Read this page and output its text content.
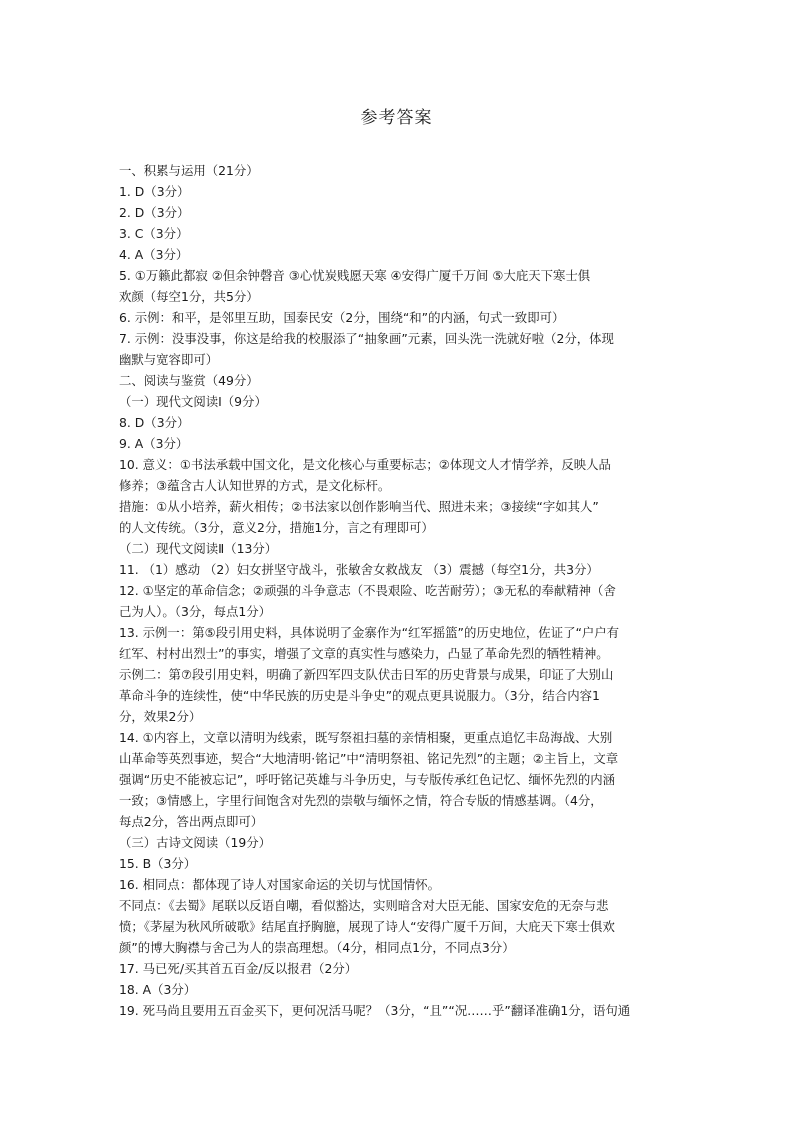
参考答案
一、积累与运用（21分）
1. D（3分）
2. D（3分）
3. C（3分）
4. A（3分）
5. ①万籁此都寂 ②但余钟磬音 ③心忧炭贱愿天寒 ④安得广厦千万间 ⑤大庇天下寒士俱
欢颜（每空1分，共5分）
6. 示例：和平，是邻里互助，国泰民安（2分，围绕“和”的内涵，句式一致即可）
7. 示例：没事没事，你这是给我的校服添了“抽象画”元素，回头洗一洗就好啦（2分，体现
幽默与宽容即可）
二、阅读与鉴赏（49分）
（一）现代文阅读Ⅰ（9分）
8. D（3分）
9. A（3分）
10. 意义：①书法承载中国文化，是文化核心与重要标志；②体现文人才情学养，反映人品
修养；③蕴含古人认知世界的方式，是文化标杆。
措施：①从小培养，薪火相传；②书法家以创作影响当代、照进未来；③接续“字如其人”
的人文传统。（3分，意义2分，措施1分，言之有理即可）
（二）现代文阅读Ⅱ（13分）
11. （1）感动 （2）妇女拼坚守战斗，张敏舍女救战友 （3）震撼（每空1分，共3分）
12. ①坚定的革命信念；②顽强的斗争意志（不畏艰险、吃苦耐劳）；③无私的奉献精神（舍
己为人）。（3分，每点1分）
13. 示例一：第⑤段引用史料，具体说明了金寨作为“红军摇篮”的历史地位，佐证了“户户有
红军、村村出烈士”的事实，增强了文章的真实性与感染力，凸显了革命先烈的牺牲精神。
示例二：第⑦段引用史料，明确了新四军四支队伏击日军的历史背景与成果，印证了大别山
革命斗争的连续性，使“中华民族的历史是斗争史”的观点更具说服力。（3分，结合内容1
分，效果2分）
14. ①内容上，文章以清明为线索，既写祭祖扫墓的亲情相聚，更重点追忆丰岛海战、大别
山革命等英烈事迹，契合“大地清明·铭记”中“清明祭祖、铭记先烈”的主题；②主旨上，文章
强调“历史不能被忘记”，呼吁铭记英雄与斗争历史，与专版传承红色记忆、缅怀先烈的内涵
一致；③情感上，字里行间饱含对先烈的崇敬与缅怀之情，符合专版的情感基调。（4分，
每点2分，答出两点即可）
（三）古诗文阅读（19分）
15. B（3分）
16. 相同点：都体现了诗人对国家命运的关切与忧国情怀。
不同点：《去蜀》尾联以反语自嘲，看似豁达，实则暗含对大臣无能、国家安危的无奈与悲
愤；《茅屋为秋风所破歌》结尾直抒胸臆，展现了诗人“安得广厦千万间，大庇天下寒士俱欢
颜”的博大胸襟与舍己为人的崇高理想。（4分，相同点1分，不同点3分）
17. 马已死/买其首五百金/反以报君（2分）
18. A（3分）
19. 死马尚且要用五百金买下，更何况活马呢？（3分，“且”“况……乎”翻译准确1分，语句通
